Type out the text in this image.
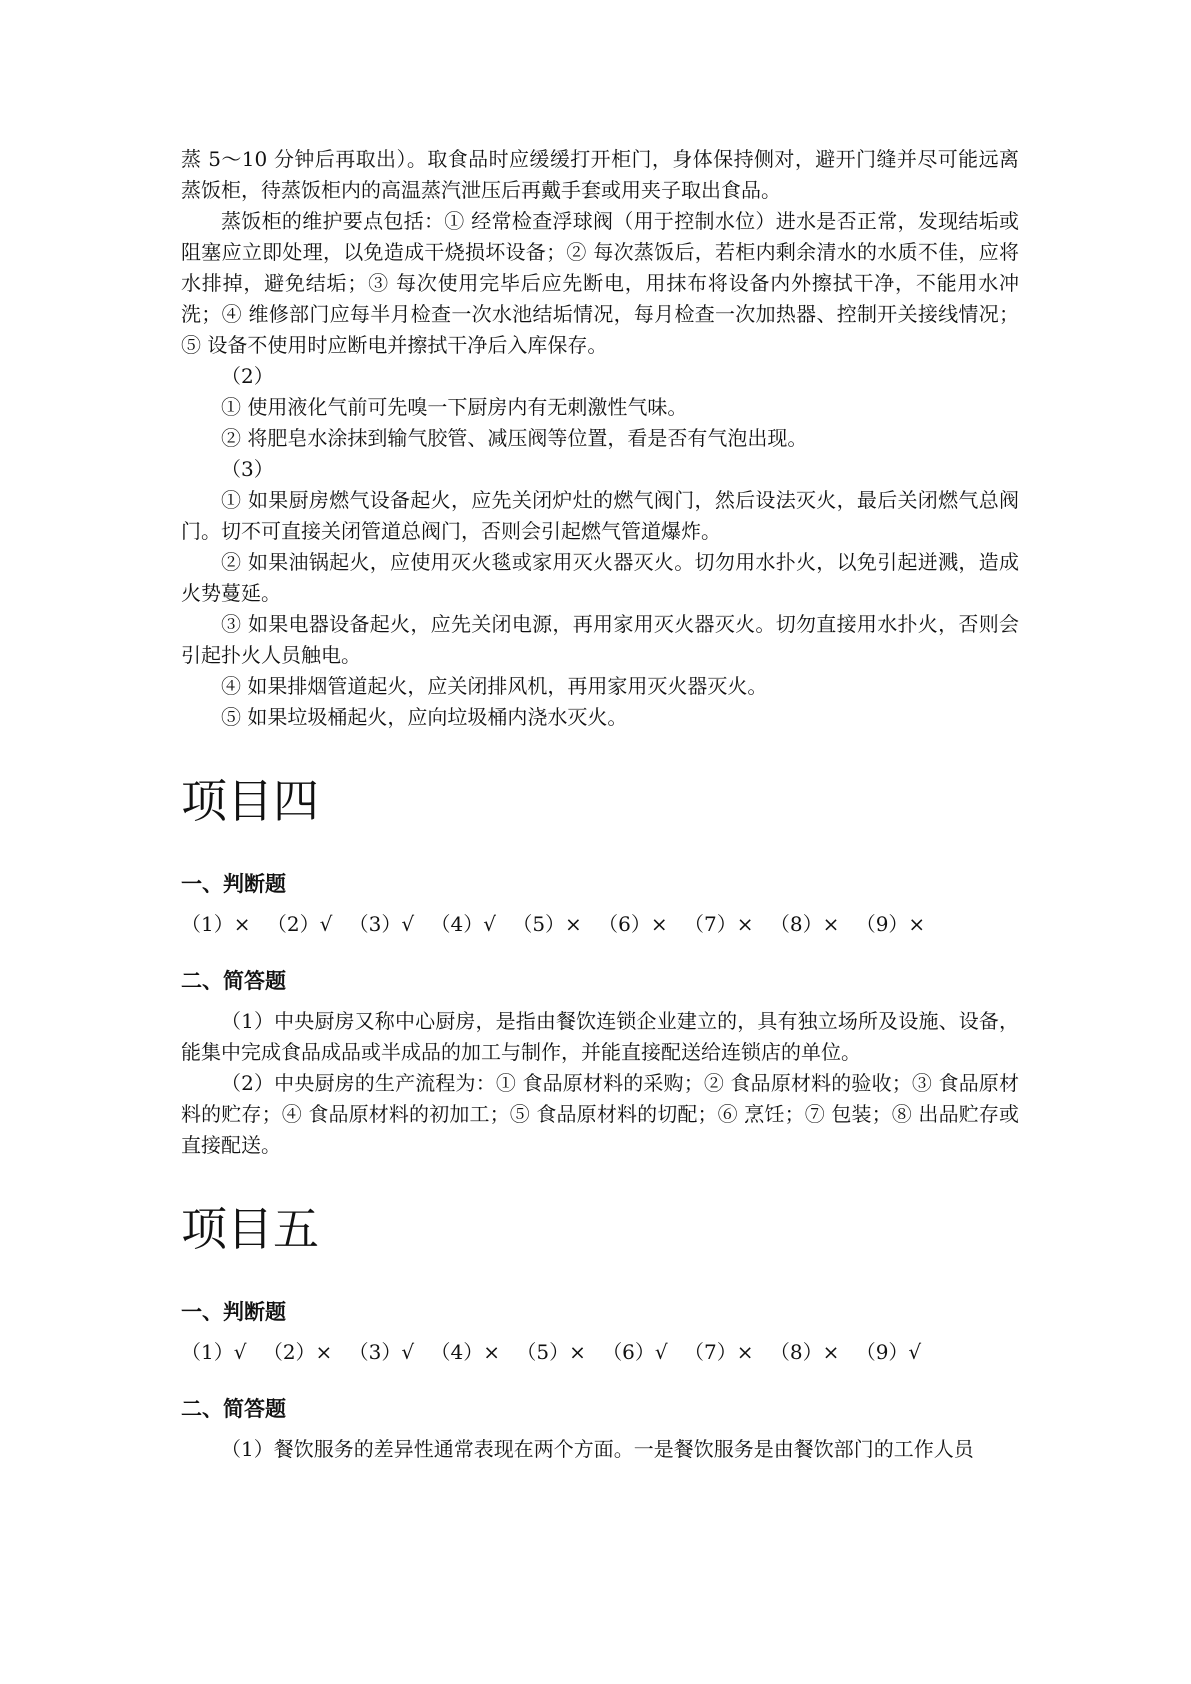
蒸 5～10 分钟后再取出）。取食品时应缓缓打开柜门，身体保持侧对，避开门缝并尽可能远离蒸饭柜，待蒸饭柜内的高温蒸汽泄压后再戴手套或用夹子取出食品。

蒸饭柜的维护要点包括：① 经常检查浮球阀（用于控制水位）进水是否正常，发现结垢或阻塞应立即处理，以免造成干烧损坏设备；② 每次蒸饭后，若柜内剩余清水的水质不佳，应将水排掉，避免结垢；③ 每次使用完毕后应先断电，用抹布将设备内外擦拭干净，不能用水冲洗；④ 维修部门应每半月检查一次水池结垢情况，每月检查一次加热器、控制开关接线情况；⑤ 设备不使用时应断电并擦拭干净后入库保存。

（2）

① 使用液化气前可先嗅一下厨房内有无刺激性气味。

② 将肥皂水涂抹到输气胶管、减压阀等位置，看是否有气泡出现。

（3）

① 如果厨房燃气设备起火，应先关闭炉灶的燃气阀门，然后设法灭火，最后关闭燃气总阀门。切不可直接关闭管道总阀门，否则会引起燃气管道爆炸。

② 如果油锅起火，应使用灭火毯或家用灭火器灭火。切勿用水扑火，以免引起迸溅，造成火势蔓延。

③ 如果电器设备起火，应先关闭电源，再用家用灭火器灭火。切勿直接用水扑火，否则会引起扑火人员触电。

④ 如果排烟管道起火，应关闭排风机，再用家用灭火器灭火。

⑤ 如果垃圾桶起火，应向垃圾桶内浇水灭火。

项目四
一、判断题

（1）× （2）√ （3）√ （4）√ （5）× （6）× （7）× （8）× （9）×

二、简答题

（1）中央厨房又称中心厨房，是指由餐饮连锁企业建立的，具有独立场所及设施、设备，能集中完成食品成品或半成品的加工与制作，并能直接配送给连锁店的单位。

（2）中央厨房的生产流程为：① 食品原材料的采购；② 食品原材料的验收；③ 食品原材料的贮存；④ 食品原材料的初加工；⑤ 食品原材料的切配；⑥ 烹饪；⑦ 包装；⑧ 出品贮存或直接配送。

项目五
一、判断题

（1）√ （2）× （3）√ （4）× （5）× （6）√ （7）× （8）× （9）√

二、简答题

（1）餐饮服务的差异性通常表现在两个方面。一是餐饮服务是由餐饮部门的工作人员
